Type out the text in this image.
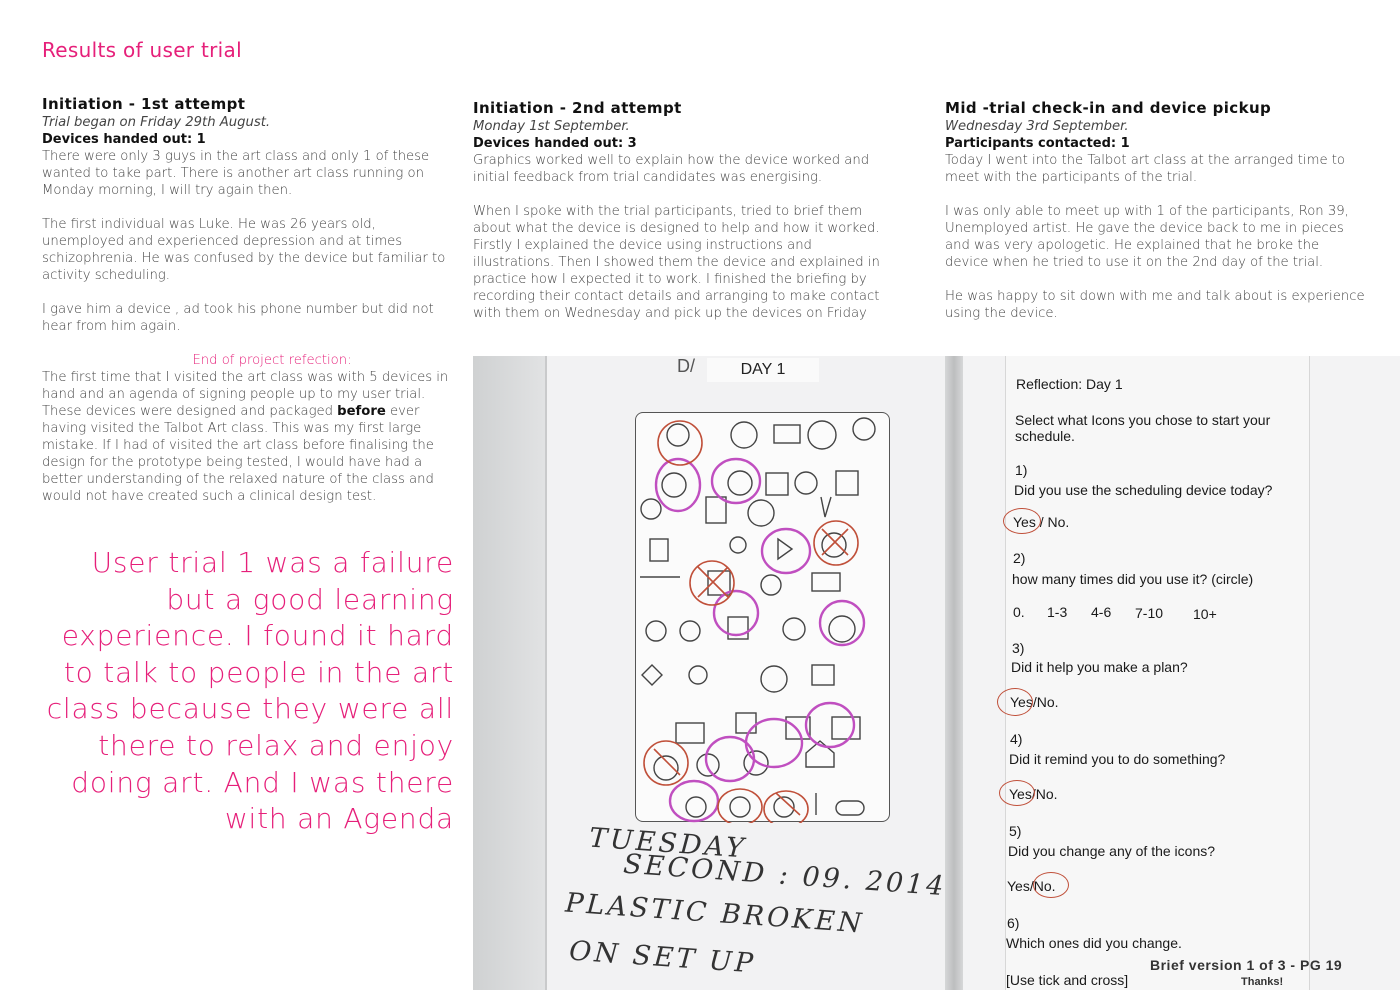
Results of user trial
Initiation - 1st attempt
Trial began on Friday 29th August.
Devices handed out: 1

There were only 3 guys in the art class and only 1 of these wanted to take part. There is another art class running on Monday morning, I will try again then.

The first individual was Luke. He was 26 years old, unemployed and experienced depression and at times schizophrenia. He was confused by the device but familiar to activity scheduling.

I gave him a device , ad took his phone number but did not hear from him again.

End of project refection:

The first time that I visited the art class was with 5 devices in hand and an agenda of signing people up to my user trial. These devices were designed and packaged before ever having visited the Talbot Art class. This was my first large mistake. If I had of visited the art class before finalising the design for the prototype being tested, I would have had a better understanding of the relaxed nature of the class and would not have created such a clinical design test.

Initiation - 2nd attempt
Monday 1st September.
Devices handed out: 3

Graphics worked well to explain how the device worked and initial feedback from trial candidates was energising.

When I spoke with the trial participants, tried to brief them about what the device is designed to help and how it worked. Firstly I explained the device using instructions and illustrations. Then I showed them the device and explained in practice how I expected it to work. I finished the briefing by recording their contact details and arranging to make contact with them on Wednesday and pick up the devices on Friday

Mid -trial check-in and device pickup
Wednesday 3rd September.
Participants contacted: 1

Today I went into the Talbot art class at the arranged time to meet with the participants of the trial.

I was only able to meet up with 1 of the participants, Ron 39, Unemployed artist. He gave the device back to me in pieces and was very apologetic. He explained that he broke the device when he tried to use it on the 2nd day of the trial.

He was happy to sit down with me and talk about is experience using the device.

User trial 1 was a failure but a good learning experience. I found it hard to talk to people in the art class because they were all there to relax and enjoy doing art. And I was there with an Agenda
D/	DAY 1
TUESDAY
SECOND : 09. 2014
PLASTIC BROKEN
ON SET UP
Reflection: Day 1
Select what Icons you chose to start your schedule.
1)
Did you use the scheduling device today?
Yes / No.
2)
how many times did you use it? (circle)
0. 1-3 4-6 7-10 10+
3)
Did it help you make a plan?
Yes/No.
4)
Did it remind you to do something?
Yes/No.
5)
Did you change any of the icons?
Yes/No.
6)
Which ones did you change.
[Use tick and cross]
Brief version 1 of 3 - PG 19
Thanks!
